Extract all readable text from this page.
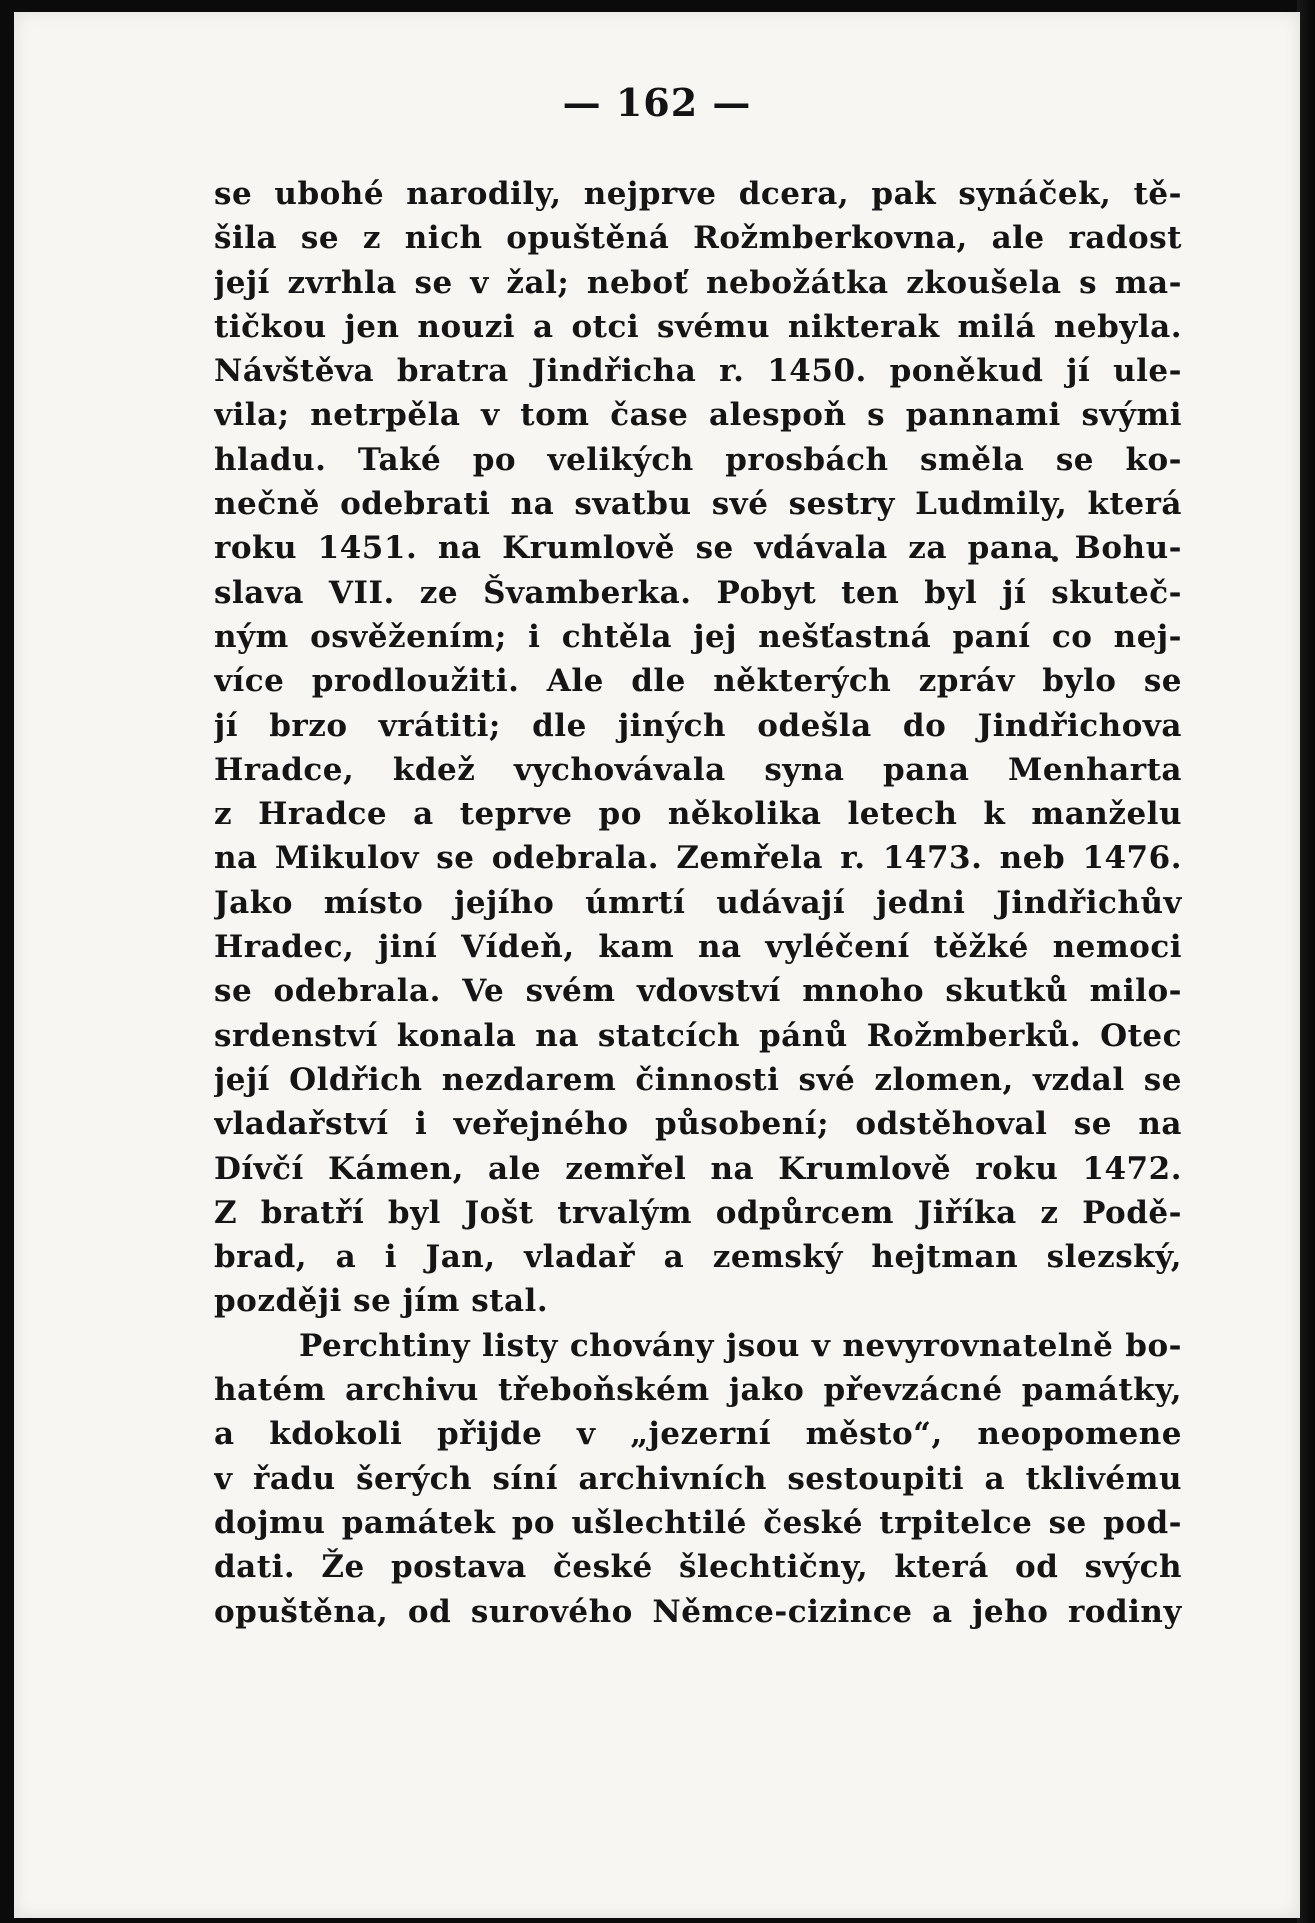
— 162 —
se ubohé narodily, nejprve dcera, pak synáček, tě-
šila se z nich opuštěná Rožmberkovna, ale radost
její zvrhla se v žal; neboť nebožátka zkoušela s ma-
tičkou jen nouzi a otci svému nikterak milá nebyla.
Návštěva bratra Jindřicha r. 1450. poněkud jí ule-
vila; netrpěla v tom čase alespoň s pannami svými
hladu. Také po velikých prosbách směla se ko-
nečně odebrati na svatbu své sestry Ludmily, která
roku 1451. na Krumlově se vdávala za pana Bohu-
slava VII. ze Švamberka. Pobyt ten byl jí skuteč-
ným osvěžením; i chtěla jej nešťastná paní co nej-
více prodloužiti. Ale dle některých zpráv bylo se
jí brzo vrátiti; dle jiných odešla do Jindřichova
Hradce, kdež vychovávala syna pana Menharta
z Hradce a teprve po několika letech k manželu
na Mikulov se odebrala. Zemřela r. 1473. neb 1476.
Jako místo jejího úmrtí udávají jedni Jindřichův
Hradec, jiní Vídeň, kam na vyléčení těžké nemoci
se odebrala. Ve svém vdovství mnoho skutků milo-
srdenství konala na statcích pánů Rožmberků. Otec
její Oldřich nezdarem činnosti své zlomen, vzdal se
vladařství i veřejného působení; odstěhoval se na
Dívčí Kámen, ale zemřel na Krumlově roku 1472.
Z bratří byl Jošt trvalým odpůrcem Jiříka z Podě-
brad, a i Jan, vladař a zemský hejtman slezský,
později se jím stal.
Perchtiny listy chovány jsou v nevyrovnatelně bo-
hatém archivu třeboňském jako převzácné památky,
a kdokoli přijde v „jezerní město“, neopomene
v řadu šerých síní archivních sestoupiti a tklivému
dojmu památek po ušlechtilé české trpitelce se pod-
dati. Že postava české šlechtičny, která od svých
opuštěna, od surového Němce-cizince a jeho rodiny
